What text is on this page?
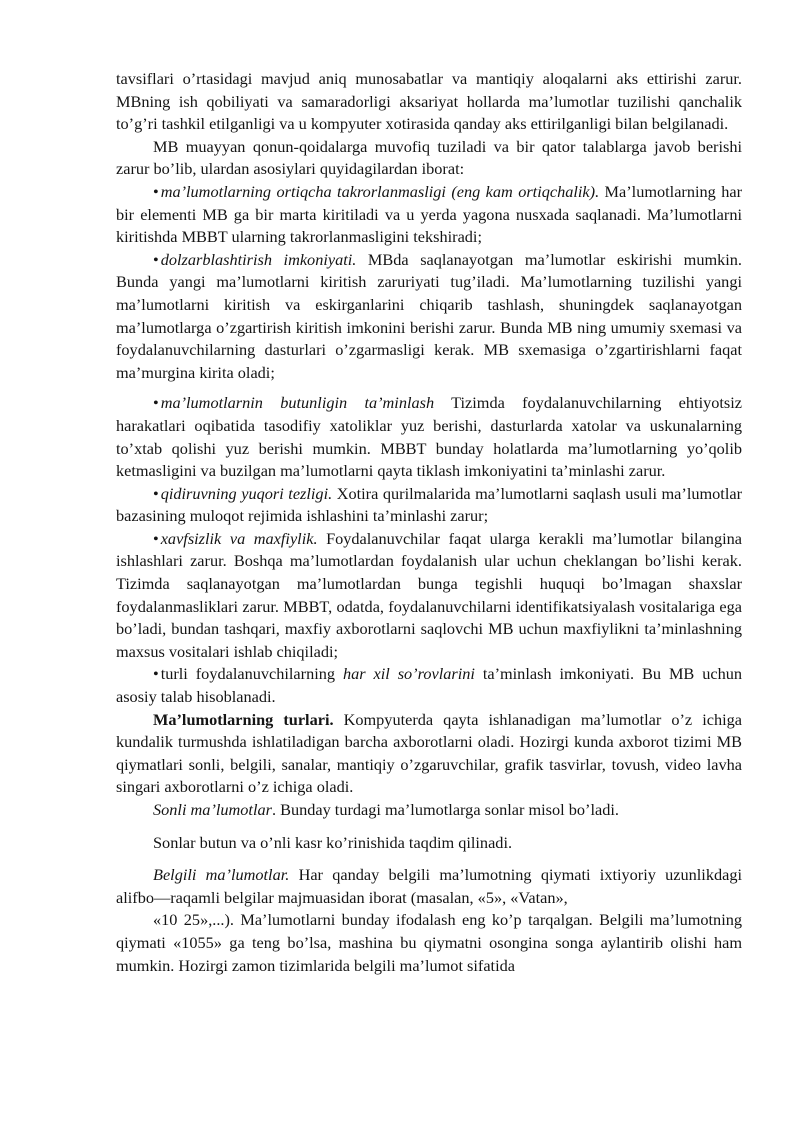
tavsiflari o’rtasidagi mavjud aniq munosabatlar va mantiqiy aloqalarni aks ettirishi zarur. MBning ish qobiliyati va samaradorligi aksariyat hollarda ma’lumotlar tuzilishi qanchalik to’g’ri tashkil etilganligi va u kompyuter xotirasida qanday aks ettirilganligi bilan belgilanadi.

MB muayyan qonun-qoidalarga muvofiq tuziladi va bir qator talablarga javob berishi zarur bo’lib, ulardan asosiylari quyidagilardan iborat:

• ma’lumotlarning ortiqcha takrorlanmasligi (eng kam ortiqchalik). Ma’lumotlarning har bir elementi MB ga bir marta kiritiladi va u yerda yagona nusxada saqlanadi. Ma’lumotlarni kiritishda MBBT ularning takrorlanmasligini tekshiradi;

• dolzarblashtirish imkoniyati. MBda saqlanayotgan ma’lumotlar eskirishi mumkin. Bunda yangi ma’lumotlarni kiritish zaruriyati tug’iladi. Ma’lumotlarning tuzilishi yangi ma’lumotlarni kiritish va eskirganlarini chiqarib tashlash, shuningdek saqlanayotgan ma’lumotlarga o’zgartirish kiritish imkonini berishi zarur. Bunda MB ning umumiy sxemasi va foydalanuvchilarning dasturlari o’zgarmasligi kerak. MB sxemasiga o’zgartirishlarni faqat ma’murgina kirita oladi;

• ma’lumotlarnin butunligin ta’minlash Tizimda foydalanuvchilarning ehtiyotsiz harakatlari oqibatida tasodifiy xatoliklar yuz berishi, dasturlarda xatolar va uskunalarning to’xtab qolishi yuz berishi mumkin. MBBT bunday holatlarda ma’lumotlarning yo’qolib ketmasligini va buzilgan ma’lumotlarni qayta tiklash imkoniyatini ta’minlashi zarur.

• qidiruvning yuqori tezligi. Xotira qurilmalarida ma’lumotlarni saqlash usuli ma’lumotlar bazasining muloqot rejimida ishlashini ta’minlashi zarur;

• xavfsizlik va maxfiylik. Foydalanuvchilar faqat ularga kerakli ma’lumotlar bilangina ishlashlari zarur. Boshqa ma’lumotlardan foydalanish ular uchun cheklangan bo’lishi kerak. Tizimda saqlanayotgan ma’lumotlardan bunga tegishli huquqi bo’lmagan shaxslar foydalanmasliklari zarur. MBBT, odatda, foydalanuvchilarni identifikatsiyalash vositalariga ega bo’ladi, bundan tashqari, maxfiy axborotlarni saqlovchi MB uchun maxfiylikni ta’minlashning maxsus vositalari ishlab chiqiladi;

• turli foydalanuvchilarning har xil so’rovlarini ta’minlash imkoniyati. Bu MB uchun asosiy talab hisoblanadi.

Ma’lumotlarning turlari. Kompyuterda qayta ishlanadigan ma’lumotlar o’z ichiga kundalik turmushda ishlatiladigan barcha axborotlarni oladi. Hozirgi kunda axborot tizimi MB qiymatlari sonli, belgili, sanalar, mantiqiy o’zgaruvchilar, grafik tasvirlar, tovush, video lavha singari axborotlarni o’z ichiga oladi.

Sonli ma’lumotlar. Bunday turdagi ma’lumotlarga sonlar misol bo’ladi.

Sonlar butun va o’nli kasr ko’rinishida taqdim qilinadi.

Belgili ma’lumotlar. Har qanday belgili ma’lumotning qiymati ixtiyoriy uzunlikdagi alifbo—raqamli belgilar majmuasidan iborat (masalan, «5», «Vatan»,

«10 25»,...). Ma’lumotlarni bunday ifodalash eng ko’p tarqalgan. Belgili ma’lumotning qiymati «1055» ga teng bo’lsa, mashina bu qiymatni osongina songa aylantirib olishi ham mumkin. Hozirgi zamon tizimlarida belgili ma’lumot sifatida
